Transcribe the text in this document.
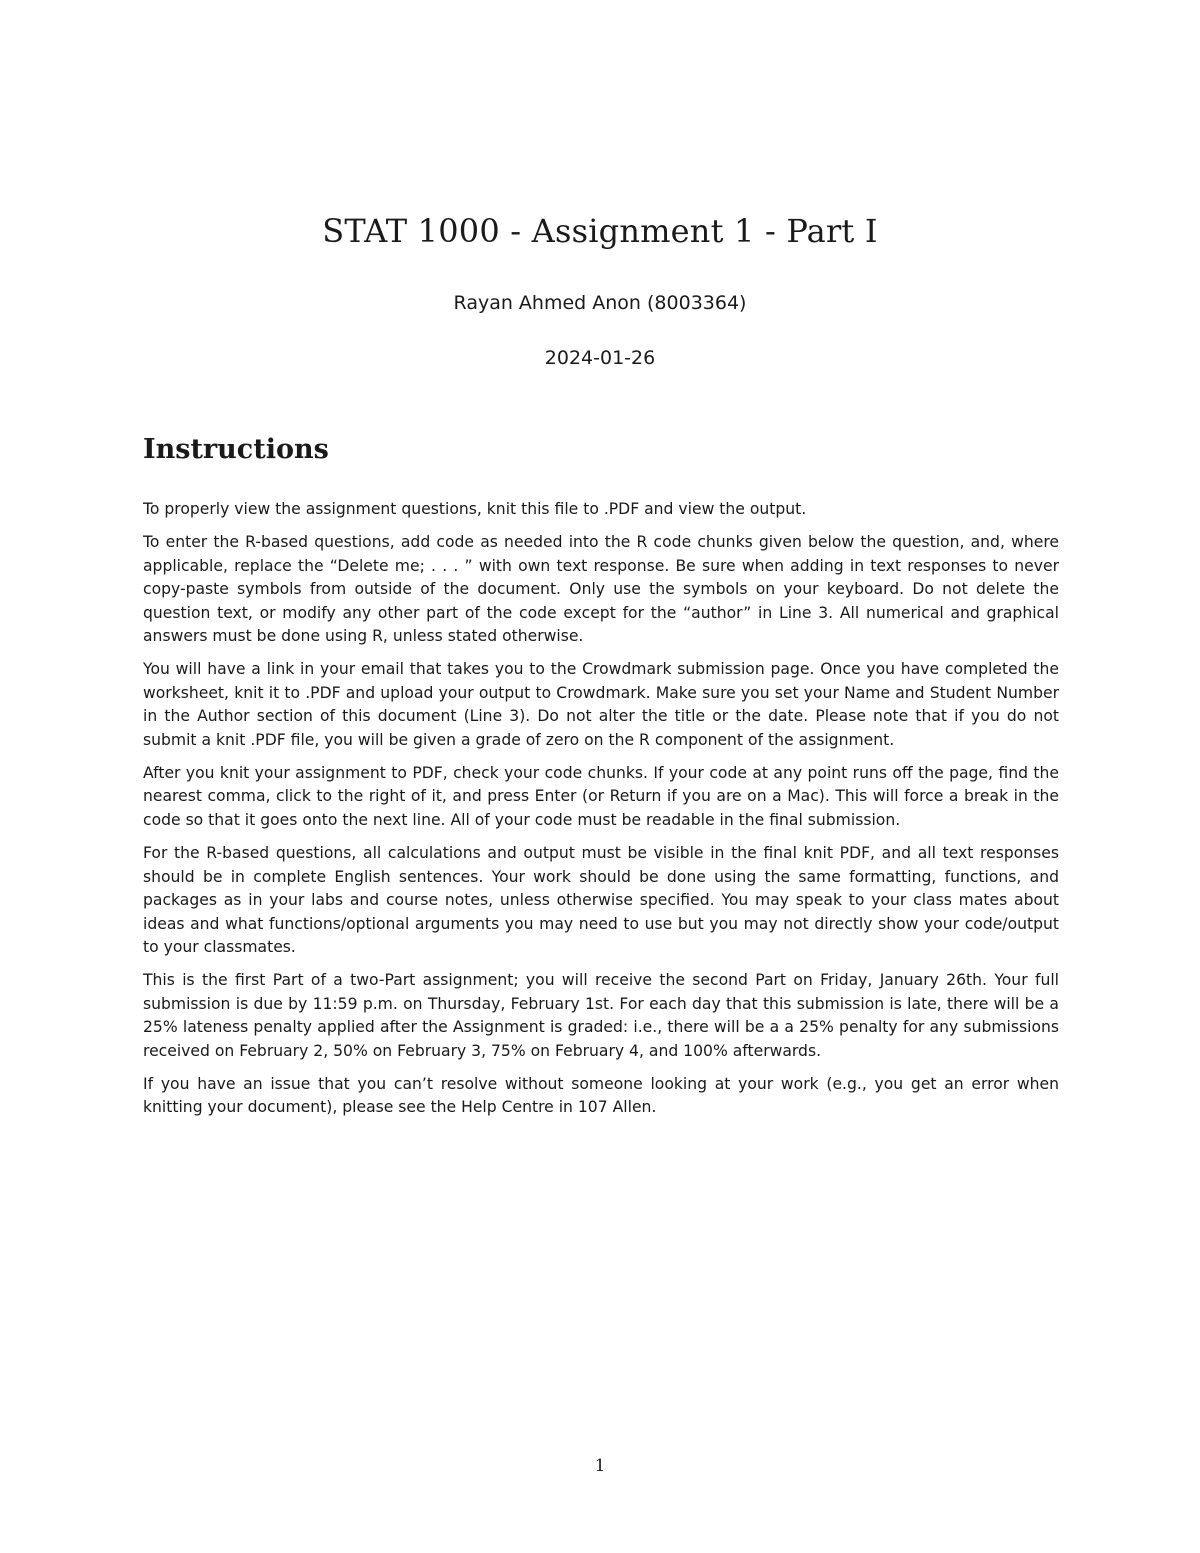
STAT 1000 - Assignment 1 - Part I
Rayan Ahmed Anon (8003364)
2024-01-26
Instructions

To properly view the assignment questions, knit this file to .PDF and view the output.

To enter the R-based questions, add code as needed into the R code chunks given below the question, and, where applicable, replace the “Delete me; . . . ” with own text response. Be sure when adding in text responses to never copy-paste symbols from outside of the document. Only use the symbols on your keyboard. Do not delete the question text, or modify any other part of the code except for the “author” in Line 3. All numerical and graphical answers must be done using R, unless stated otherwise.

You will have a link in your email that takes you to the Crowdmark submission page. Once you have completed the worksheet, knit it to .PDF and upload your output to Crowdmark. Make sure you set your Name and Student Number in the Author section of this document (Line 3). Do not alter the title or the date. Please note that if you do not submit a knit .PDF file, you will be given a grade of zero on the R component of the assignment.

After you knit your assignment to PDF, check your code chunks. If your code at any point runs off the page, find the nearest comma, click to the right of it, and press Enter (or Return if you are on a Mac). This will force a break in the code so that it goes onto the next line. All of your code must be readable in the final submission.

For the R-based questions, all calculations and output must be visible in the final knit PDF, and all text responses should be in complete English sentences. Your work should be done using the same formatting, functions, and packages as in your labs and course notes, unless otherwise specified. You may speak to your class mates about ideas and what functions/optional arguments you may need to use but you may not directly show your code/output to your classmates.

This is the first Part of a two-Part assignment; you will receive the second Part on Friday, January 26th. Your full submission is due by 11:59 p.m. on Thursday, February 1st. For each day that this submission is late, there will be a 25% lateness penalty applied after the Assignment is graded: i.e., there will be a a 25% penalty for any submissions received on February 2, 50% on February 3, 75% on February 4, and 100% afterwards.

If you have an issue that you can’t resolve without someone looking at your work (e.g., you get an error when knitting your document), please see the Help Centre in 107 Allen.

1
